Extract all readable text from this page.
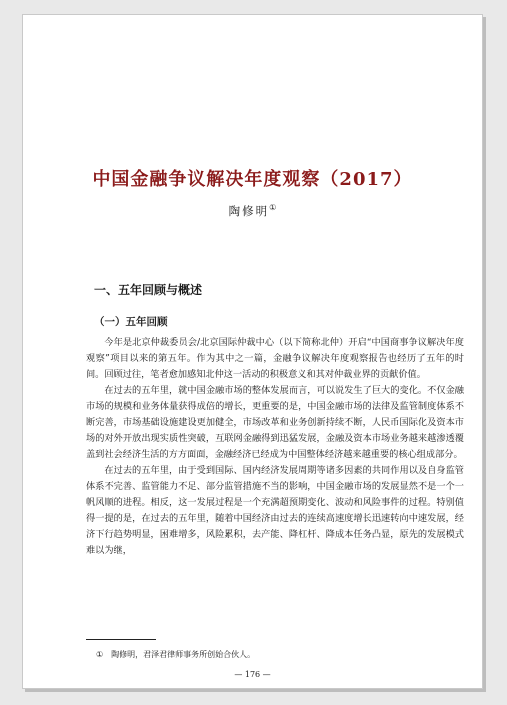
中国金融争议解决年度观察（2017）
陶修明①
一、五年回顾与概述
（一）五年回顾

今年是北京仲裁委员会/北京国际仲裁中心（以下简称北仲）开启“中国商事争议解决年度观察”项目以来的第五年。作为其中之一篇，金融争议解决年度观察报告也经历了五年的时间。回顾过往，笔者愈加感知北仲这一活动的积极意义和其对仲裁业界的贡献价值。

在过去的五年里，就中国金融市场的整体发展而言，可以说发生了巨大的变化。不仅金融市场的规模和业务体量获得成倍的增长，更重要的是，中国金融市场的法律及监管制度体系不断完善，市场基础设施建设更加健全，市场改革和业务创新持续不断，人民币国际化及资本市场的对外开放出现实质性突破，互联网金融得到迅猛发展，金融及资本市场业务越来越渗透覆盖到社会经济生活的方方面面，金融经济已经成为中国整体经济越来越重要的核心组成部分。

在过去的五年里，由于受到国际、国内经济发展周期等诸多因素的共同作用以及自身监管体系不完善、监管能力不足、部分监管措施不当的影响，中国金融市场的发展显然不是一个一帆风顺的进程。相反，这一发展过程是一个充满超预期变化、波动和风险事件的过程。特别值得一提的是，在过去的五年里，随着中国经济由过去的连续高速度增长迅速转向中速发展，经济下行趋势明显，困难增多，风险累积，去产能、降杠杆、降成本任务凸显，原先的发展模式难以为继，

① 陶修明，君泽君律师事务所创始合伙人。
— 176 —
